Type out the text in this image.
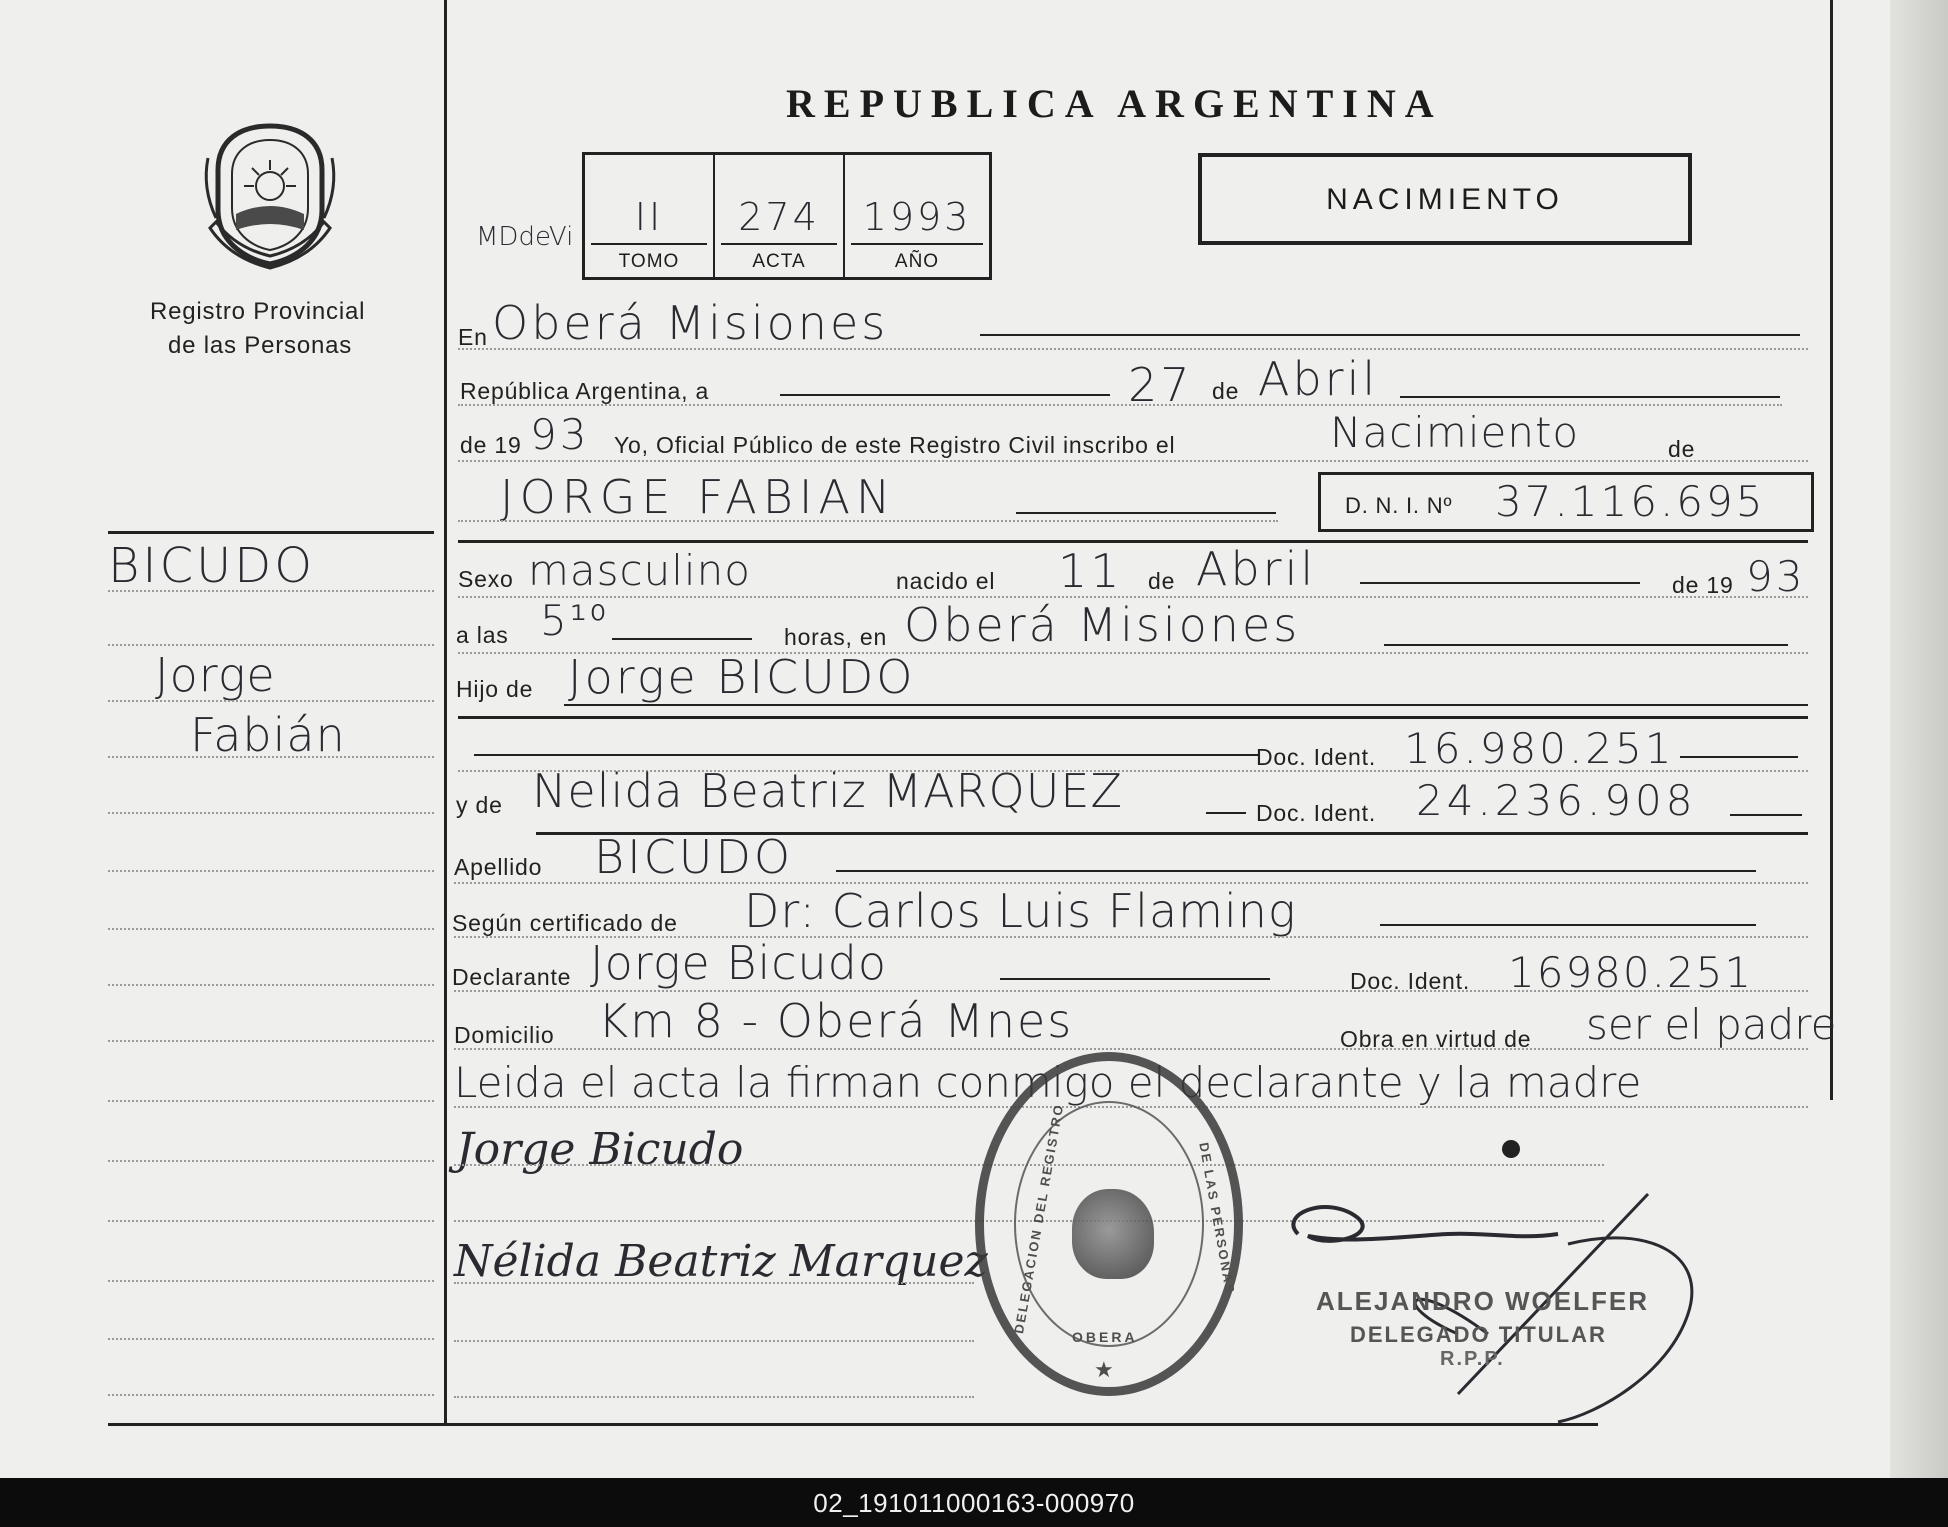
Registro Provincial
de las Personas
REPUBLICA ARGENTINA
MDdeVi	II
TOMO
274
ACTA
1993
AÑO
NACIMIENTO
BICUDO
Jorge
Fabián
En Oberá Misiones
República Argentina, a	27 de Abril
de 19 93 Yo, Oficial Público de este Registro Civil inscribo el	Nacimiento	de
JORGE FABIAN	D. N. I. Nº 37.116.695
Sexo masculino	nacido el 11 de Abril	de 19 93
a las 5¹⁰	horas, en Oberá Misiones
Hijo de Jorge BICUDO
Doc. Ident. 16.980.251
y de Nelida Beatriz MARQUEZ	Doc. Ident. 24.236.908
Apellido BICUDO
Según certificado de Dr: Carlos Luis Flaming
Declarante Jorge Bicudo	Doc. Ident. 16980.251
Domicilio Km 8 - Oberá Mnes	Obra en virtud de ser el padre
Leida el acta la firman conmigo el declarante y la madre
Jorge Bicudo
Nélida Beatriz Marquez DELEGACION DEL REGISTRO	DE LAS PERSONAS
OBERA
★
ALEJANDRO WOELFER
DELEGADO TITULAR
R.P.P.
02_191011000163-000970
